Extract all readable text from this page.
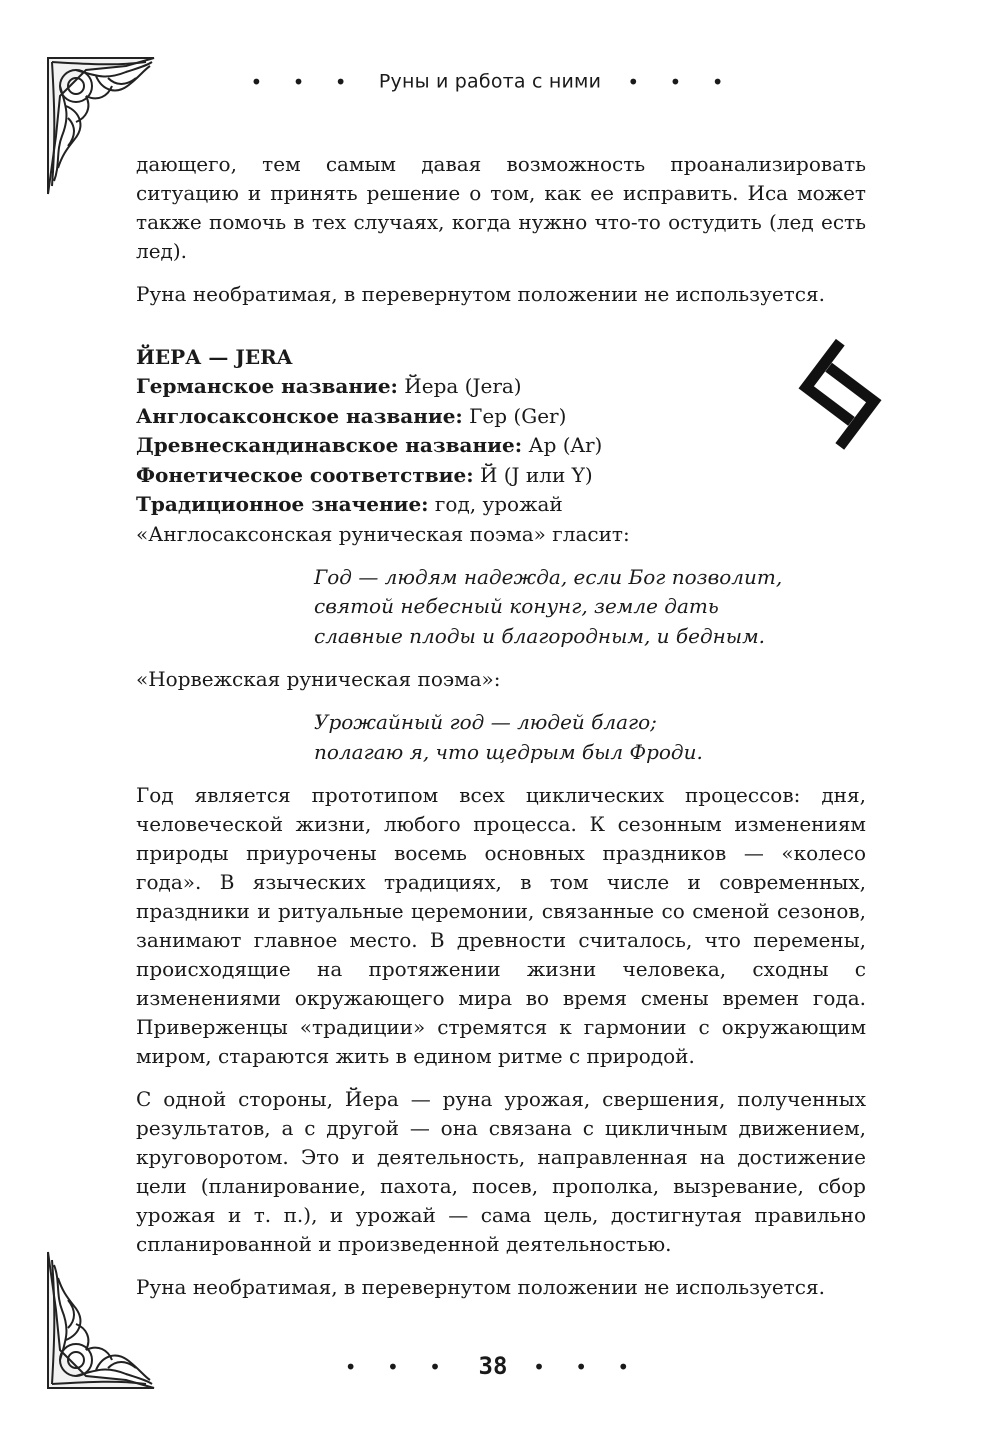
• • • Руны и работа с ними • • •

дающего, тем самым давая возможность проанализировать ситуацию и принять решение о том, как ее исправить. Иса может также помочь в тех случаях, когда нужно что-то остудить (лед есть лед).

Руна необратимая, в перевернутом положении не используется.

ЙЕРА — JERA
Германское название: Йера (Jera)
Англосаксонское название: Гер (Ger)
Древнескандинавское название: Ар (Ar)
Фонетическое соответствие: Й (J или Y)
Традиционное значение: год, урожай

«Англосаксонская руническая поэма» гласит:

Год — людям надежда, если Бог позволит,
святой небесный конунг, земле дать
славные плоды и благородным, и бедным.

«Норвежская руническая поэма»:

Урожайный год — людей благо;
полагаю я, что щедрым был Фроди.

Год является прототипом всех циклических процессов: дня, человеческой жизни, любого процесса. К сезонным изменениям природы приурочены восемь основных праздников — «колесо года». В языческих традициях, в том числе и современных, праздники и ритуальные церемонии, связанные со сменой сезонов, занимают главное место. В древности считалось, что перемены, происходящие на протяжении жизни человека, сходны с изменениями окружающего мира во время смены времен года. Приверженцы «традиции» стремятся к гармонии с окружающим миром, стараются жить в едином ритме с природой.

С одной стороны, Йера — руна урожая, свершения, полученных результатов, а с другой — она связана с цикличным движением, круговоротом. Это и деятельность, направленная на достижение цели (планирование, пахота, посев, прополка, вызревание, сбор урожая и т. п.), и урожай — сама цель, достигнутая правильно спланированной и произведенной деятельностью.

Руна необратимая, в перевернутом положении не используется.

• • • 38 • • •
